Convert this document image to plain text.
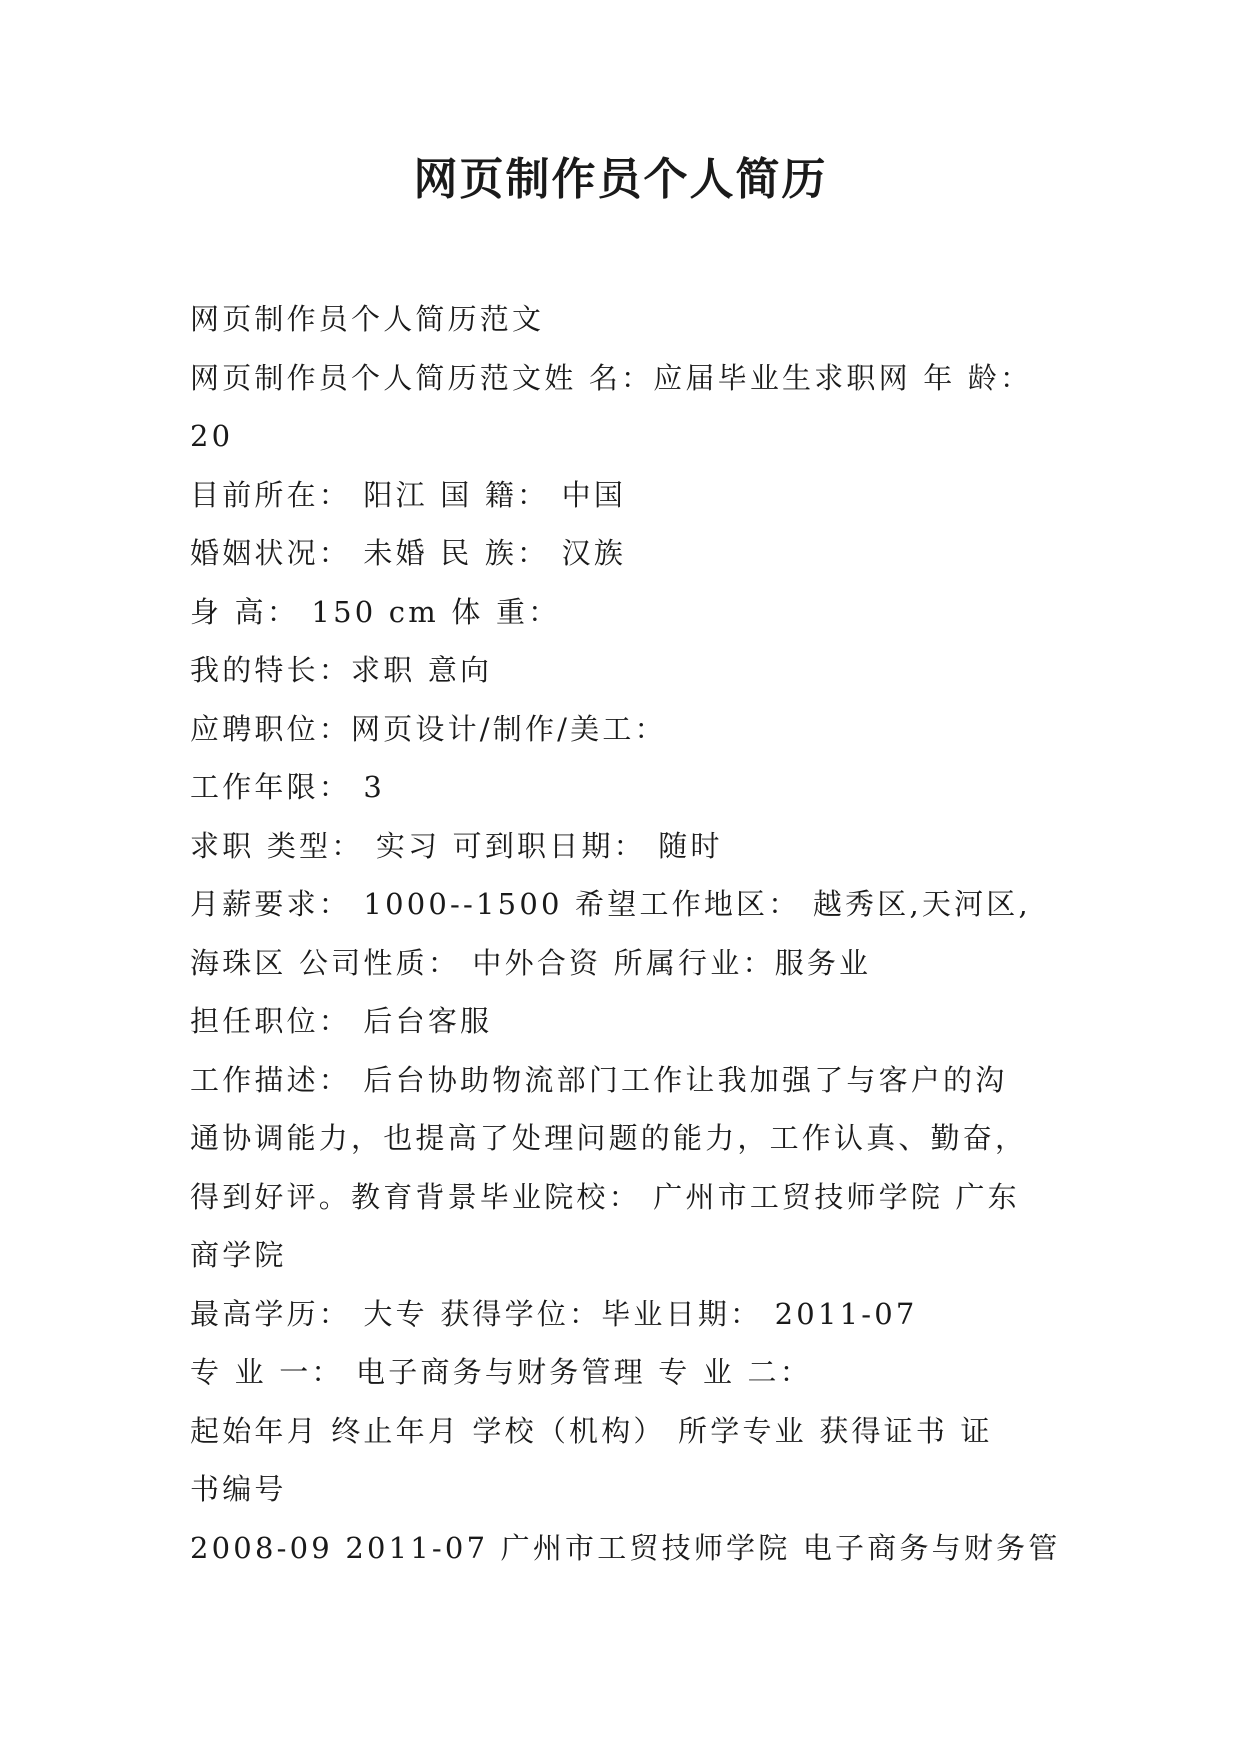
网页制作员个人简历
网页制作员个人简历范文
网页制作员个人简历范文姓 名：应届毕业生求职网 年 龄：
20
目前所在： 阳江 国 籍： 中国
婚姻状况： 未婚 民 族： 汉族
身 高： 150 cm 体 重：
我的特长：求职 意向
应聘职位：网页设计/制作/美工：
工作年限： 3
求职 类型： 实习 可到职日期： 随时
月薪要求： 1000--1500 希望工作地区： 越秀区,天河区,
海珠区 公司性质： 中外合资 所属行业：服务业
担任职位： 后台客服
工作描述： 后台协助物流部门工作让我加强了与客户的沟
通协调能力，也提高了处理问题的能力，工作认真、勤奋，
得到好评。教育背景毕业院校： 广州市工贸技师学院 广东
商学院
最高学历： 大专 获得学位：毕业日期： 2011-07
专 业 一： 电子商务与财务管理 专 业 二：
起始年月 终止年月 学校（机构） 所学专业 获得证书 证
书编号
2008-09 2011-07 广州市工贸技师学院 电子商务与财务管
